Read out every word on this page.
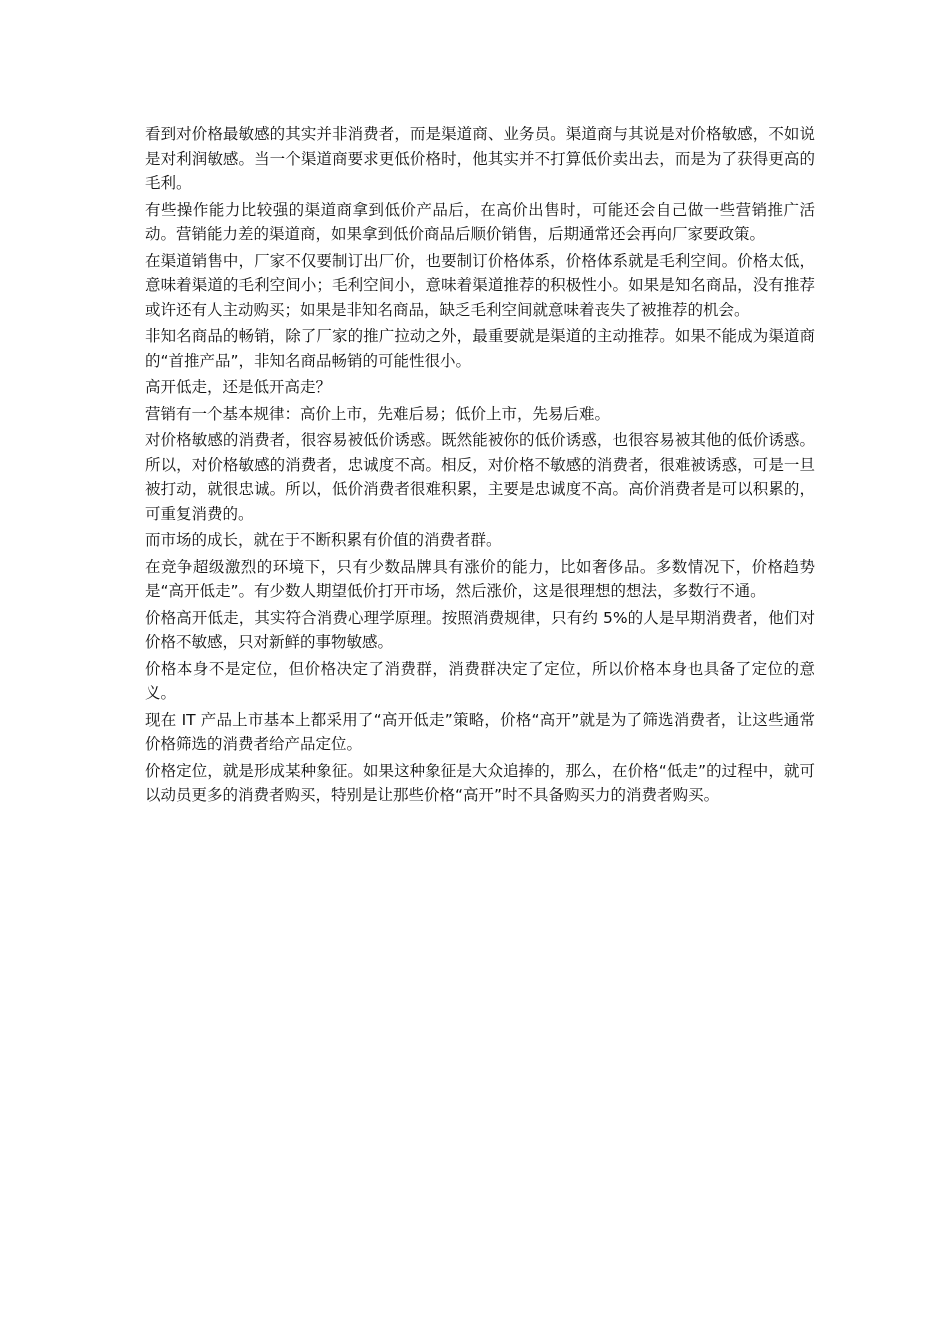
看到对价格最敏感的其实并非消费者，而是渠道商、业务员。渠道商与其说是对价格敏感，不如说是对利润敏感。当一个渠道商要求更低价格时，他其实并不打算低价卖出去，而是为了获得更高的毛利。

有些操作能力比较强的渠道商拿到低价产品后，在高价出售时，可能还会自己做一些营销推广活动。营销能力差的渠道商，如果拿到低价商品后顺价销售，后期通常还会再向厂家要政策。

在渠道销售中，厂家不仅要制订出厂价，也要制订价格体系，价格体系就是毛利空间。价格太低，意味着渠道的毛利空间小；毛利空间小，意味着渠道推荐的积极性小。如果是知名商品，没有推荐或许还有人主动购买；如果是非知名商品，缺乏毛利空间就意味着丧失了被推荐的机会。

非知名商品的畅销，除了厂家的推广拉动之外，最重要就是渠道的主动推荐。如果不能成为渠道商的“首推产品”，非知名商品畅销的可能性很小。

高开低走，还是低开高走？

营销有一个基本规律：高价上市，先难后易；低价上市，先易后难。

对价格敏感的消费者，很容易被低价诱惑。既然能被你的低价诱惑，也很容易被其他的低价诱惑。所以，对价格敏感的消费者，忠诚度不高。相反，对价格不敏感的消费者，很难被诱惑，可是一旦被打动，就很忠诚。所以，低价消费者很难积累，主要是忠诚度不高。高价消费者是可以积累的，可重复消费的。

而市场的成长，就在于不断积累有价值的消费者群。

在竞争超级激烈的环境下，只有少数品牌具有涨价的能力，比如奢侈品。多数情况下，价格趋势是“高开低走”。有少数人期望低价打开市场，然后涨价，这是很理想的想法，多数行不通。

价格高开低走，其实符合消费心理学原理。按照消费规律，只有约 5%的人是早期消费者，他们对价格不敏感，只对新鲜的事物敏感。

价格本身不是定位，但价格决定了消费群，消费群决定了定位，所以价格本身也具备了定位的意义。

现在 IT 产品上市基本上都采用了“高开低走”策略，价格“高开”就是为了筛选消费者，让这些通常价格筛选的消费者给产品定位。

价格定位，就是形成某种象征。如果这种象征是大众追捧的，那么，在价格“低走”的过程中，就可以动员更多的消费者购买，特别是让那些价格“高开”时不具备购买力的消费者购买。
